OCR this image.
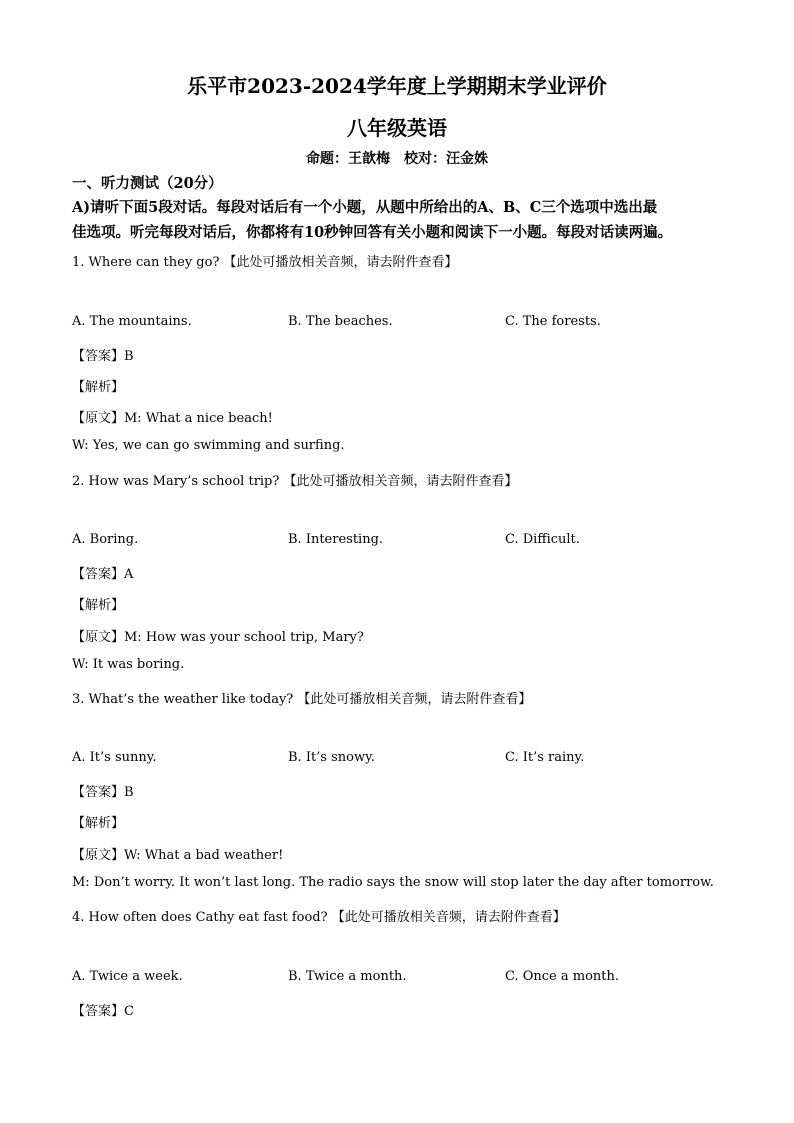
乐平市2023-2024学年度上学期期末学业评价
八年级英语
命题：王歆梅　校对：汪金姝
一、听力测试（20分）
A)请听下面5段对话。每段对话后有一个小题，从题中所给出的A、B、C三个选项中选出最
佳选项。听完每段对话后，你都将有10秒钟回答有关小题和阅读下一小题。每段对话读两遍。
1. Where can they go? 【此处可播放相关音频，请去附件查看】
A. The mountains.	B. The beaches.	C. The forests.
【答案】B
【解析】
【原文】M: What a nice beach!
W: Yes, we can go swimming and surfing.
2. How was Mary’s school trip? 【此处可播放相关音频，请去附件查看】
A. Boring.	B. Interesting.	C. Difficult.
【答案】A
【解析】
【原文】M: How was your school trip, Mary?
W: It was boring.
3. What’s the weather like today? 【此处可播放相关音频，请去附件查看】
A. It’s sunny.	B. It’s snowy.	C. It’s rainy.
【答案】B
【解析】
【原文】W: What a bad weather!
M: Don’t worry. It won’t last long. The radio says the snow will stop later the day after tomorrow.
4. How often does Cathy eat fast food? 【此处可播放相关音频，请去附件查看】
A. Twice a week.	B. Twice a month.	C. Once a month.
【答案】C
